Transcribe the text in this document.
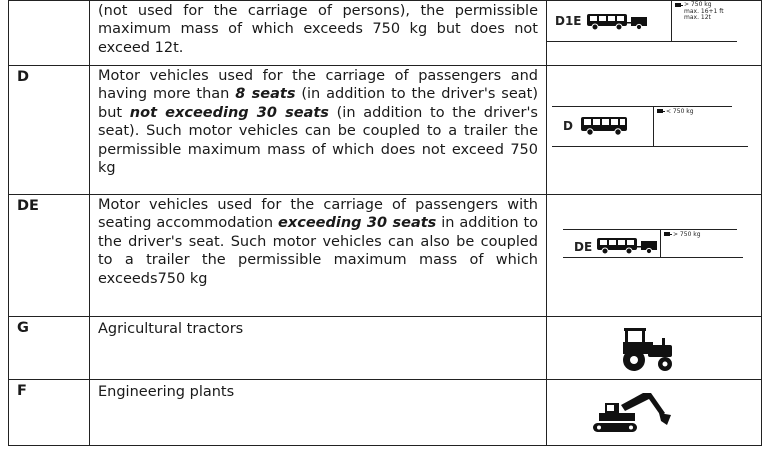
	(not used for the carriage of persons), the permissible maximum mass of which exceeds 750 kg but does not exceed 12t.	D1E
> 750 kg
max. 16+1 ft
max. 12t

D	Motor vehicles used for the carriage of passengers and having more than 8 seats (in addition to the driver's seat) but not exceeding 30 seats (in addition to the driver's seat). Such motor vehicles can be coupled to a trailer the permissible maximum mass of which does not exceed 750 kg	D
< 750 kg

DE	Motor vehicles used for the carriage of passengers with seating accommodation exceeding 30 seats in addition to the driver's seat. Such motor vehicles can also be coupled to a trailer the permissible maximum mass of which exceeds750 kg	DE
> 750 kg

G	Agricultural tractors	

F	Engineering plants	
